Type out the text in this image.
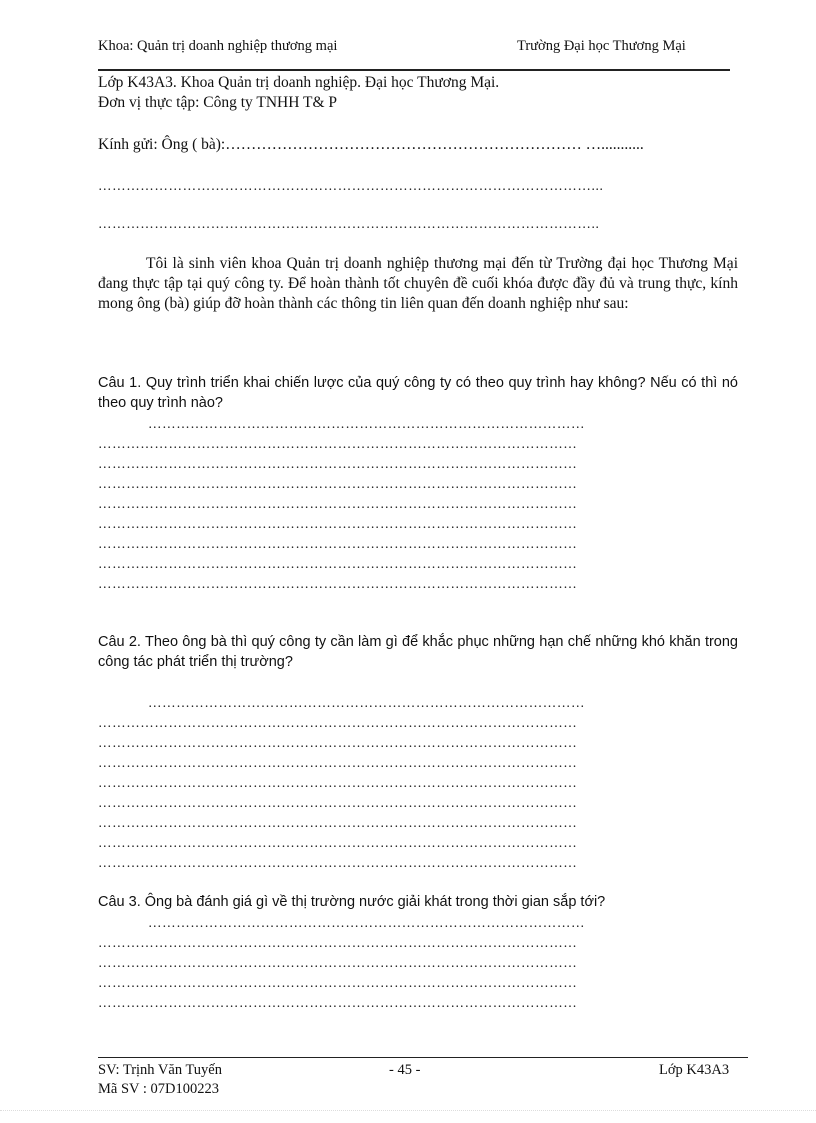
Khoa: Quản trị doanh nghiệp thương mại	Trường Đại học Thương Mại
Lớp K43A3. Khoa Quản trị doanh nghiệp. Đại học Thương Mại.
Đơn vị thực tập: Công ty TNHH T& P
Kính gửi: Ông ( bà):…………………………………………………………… …...........
……………………………………………………………………………………………...
……………………………………………………………………………………………..
Tôi là sinh viên khoa Quản trị doanh nghiệp thương mại đến từ Trường đại học Thương Mại đang thực tập tại quý công ty. Để hoàn thành tốt chuyên đề cuối khóa được đầy đủ và trung thực, kính mong ông (bà) giúp đỡ hoàn thành các thông tin liên quan đến doanh nghiệp như sau:
Câu 1. Quy trình triển khai chiến lược của quý công ty có theo quy trình hay không? Nếu có thì nó theo quy trình nào?
…………………………………………………………………………………
…………………………………………………………………………………………
…………………………………………………………………………………………
…………………………………………………………………………………………
…………………………………………………………………………………………
…………………………………………………………………………………………
…………………………………………………………………………………………
…………………………………………………………………………………………
…………………………………………………………………………………………
Câu 2. Theo ông bà thì quý công ty cần làm gì để khắc phục những hạn chế những khó khăn trong công tác phát triển thị trường?
…………………………………………………………………………………
…………………………………………………………………………………………
…………………………………………………………………………………………
…………………………………………………………………………………………
…………………………………………………………………………………………
…………………………………………………………………………………………
…………………………………………………………………………………………
…………………………………………………………………………………………
…………………………………………………………………………………………
Câu 3. Ông bà đánh giá gì về thị trường nước giải khát trong thời gian sắp tới?
…………………………………………………………………………………
…………………………………………………………………………………………
…………………………………………………………………………………………
…………………………………………………………………………………………
…………………………………………………………………………………………
SV: Trịnh Văn Tuyến	- 45 -	Lớp K43A3
Mã SV : 07D100223
